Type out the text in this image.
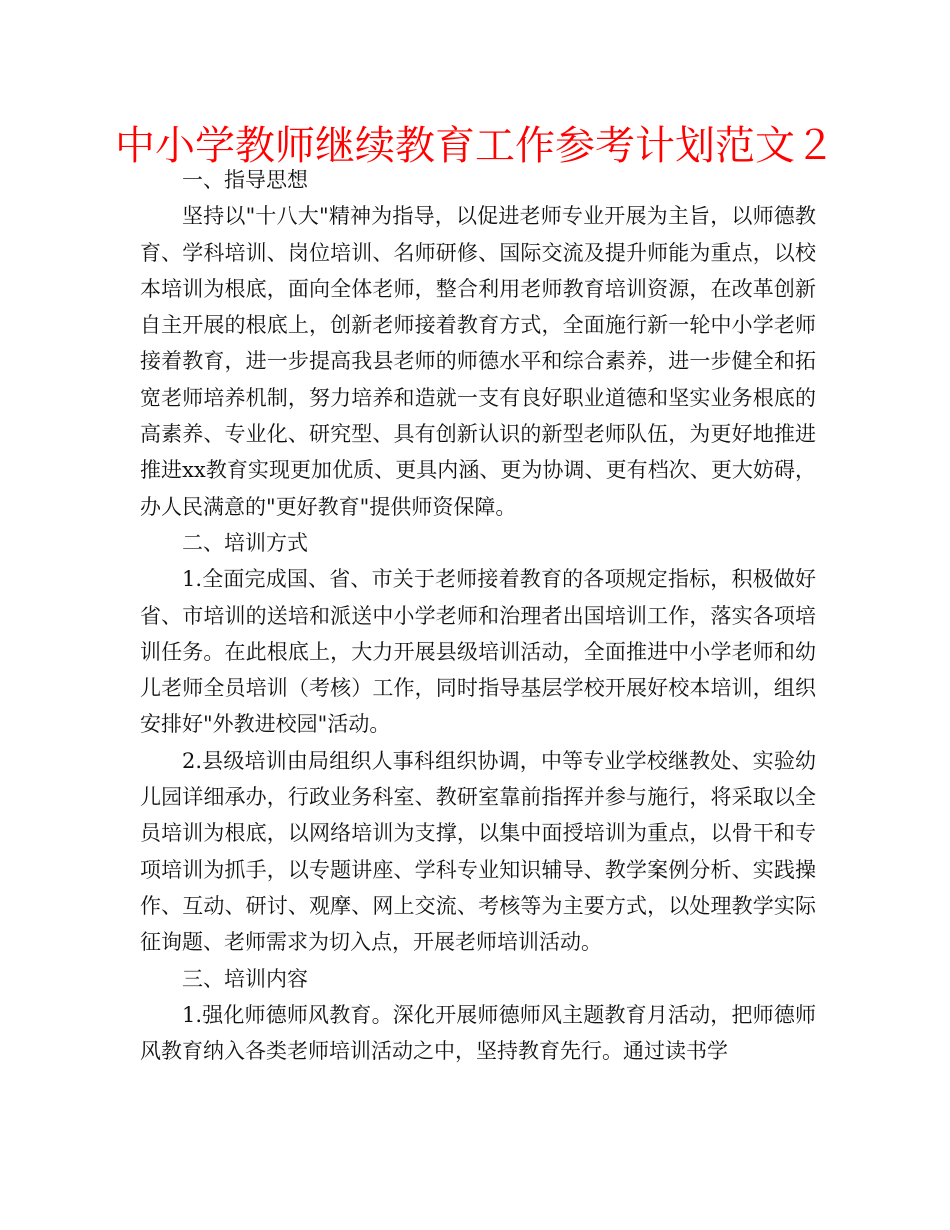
中小学教师继续教育工作参考计划范文２

一、指导思想

坚持以"十八大"精神为指导，以促进老师专业开展为主旨，以师德教育、学科培训、岗位培训、名师研修、国际交流及提升师能为重点，以校本培训为根底，面向全体老师，整合利用老师教育培训资源，在改革创新自主开展的根底上，创新老师接着教育方式，全面施行新一轮中小学老师接着教育，进一步提高我县老师的师德水平和综合素养，进一步健全和拓宽老师培养机制，努力培养和造就一支有良好职业道德和坚实业务根底的高素养、专业化、研究型、具有创新认识的新型老师队伍，为更好地推进推进xx教育实现更加优质、更具内涵、更为协调、更有档次、更大妨碍，办人民满意的"更好教育"提供师资保障。

二、培训方式

1.全面完成国、省、市关于老师接着教育的各项规定指标，积极做好省、市培训的送培和派送中小学老师和治理者出国培训工作，落实各项培训任务。在此根底上，大力开展县级培训活动，全面推进中小学老师和幼儿老师全员培训（考核）工作，同时指导基层学校开展好校本培训，组织安排好"外教进校园"活动。

2.县级培训由局组织人事科组织协调，中等专业学校继教处、实验幼儿园详细承办，行政业务科室、教研室靠前指挥并参与施行，将采取以全员培训为根底，以网络培训为支撑，以集中面授培训为重点，以骨干和专项培训为抓手，以专题讲座、学科专业知识辅导、教学案例分析、实践操作、互动、研讨、观摩、网上交流、考核等为主要方式，以处理教学实际征询题、老师需求为切入点，开展老师培训活动。

三、培训内容

1.强化师德师风教育。深化开展师德师风主题教育月活动，把师德师风教育纳入各类老师培训活动之中，坚持教育先行。通过读书学
